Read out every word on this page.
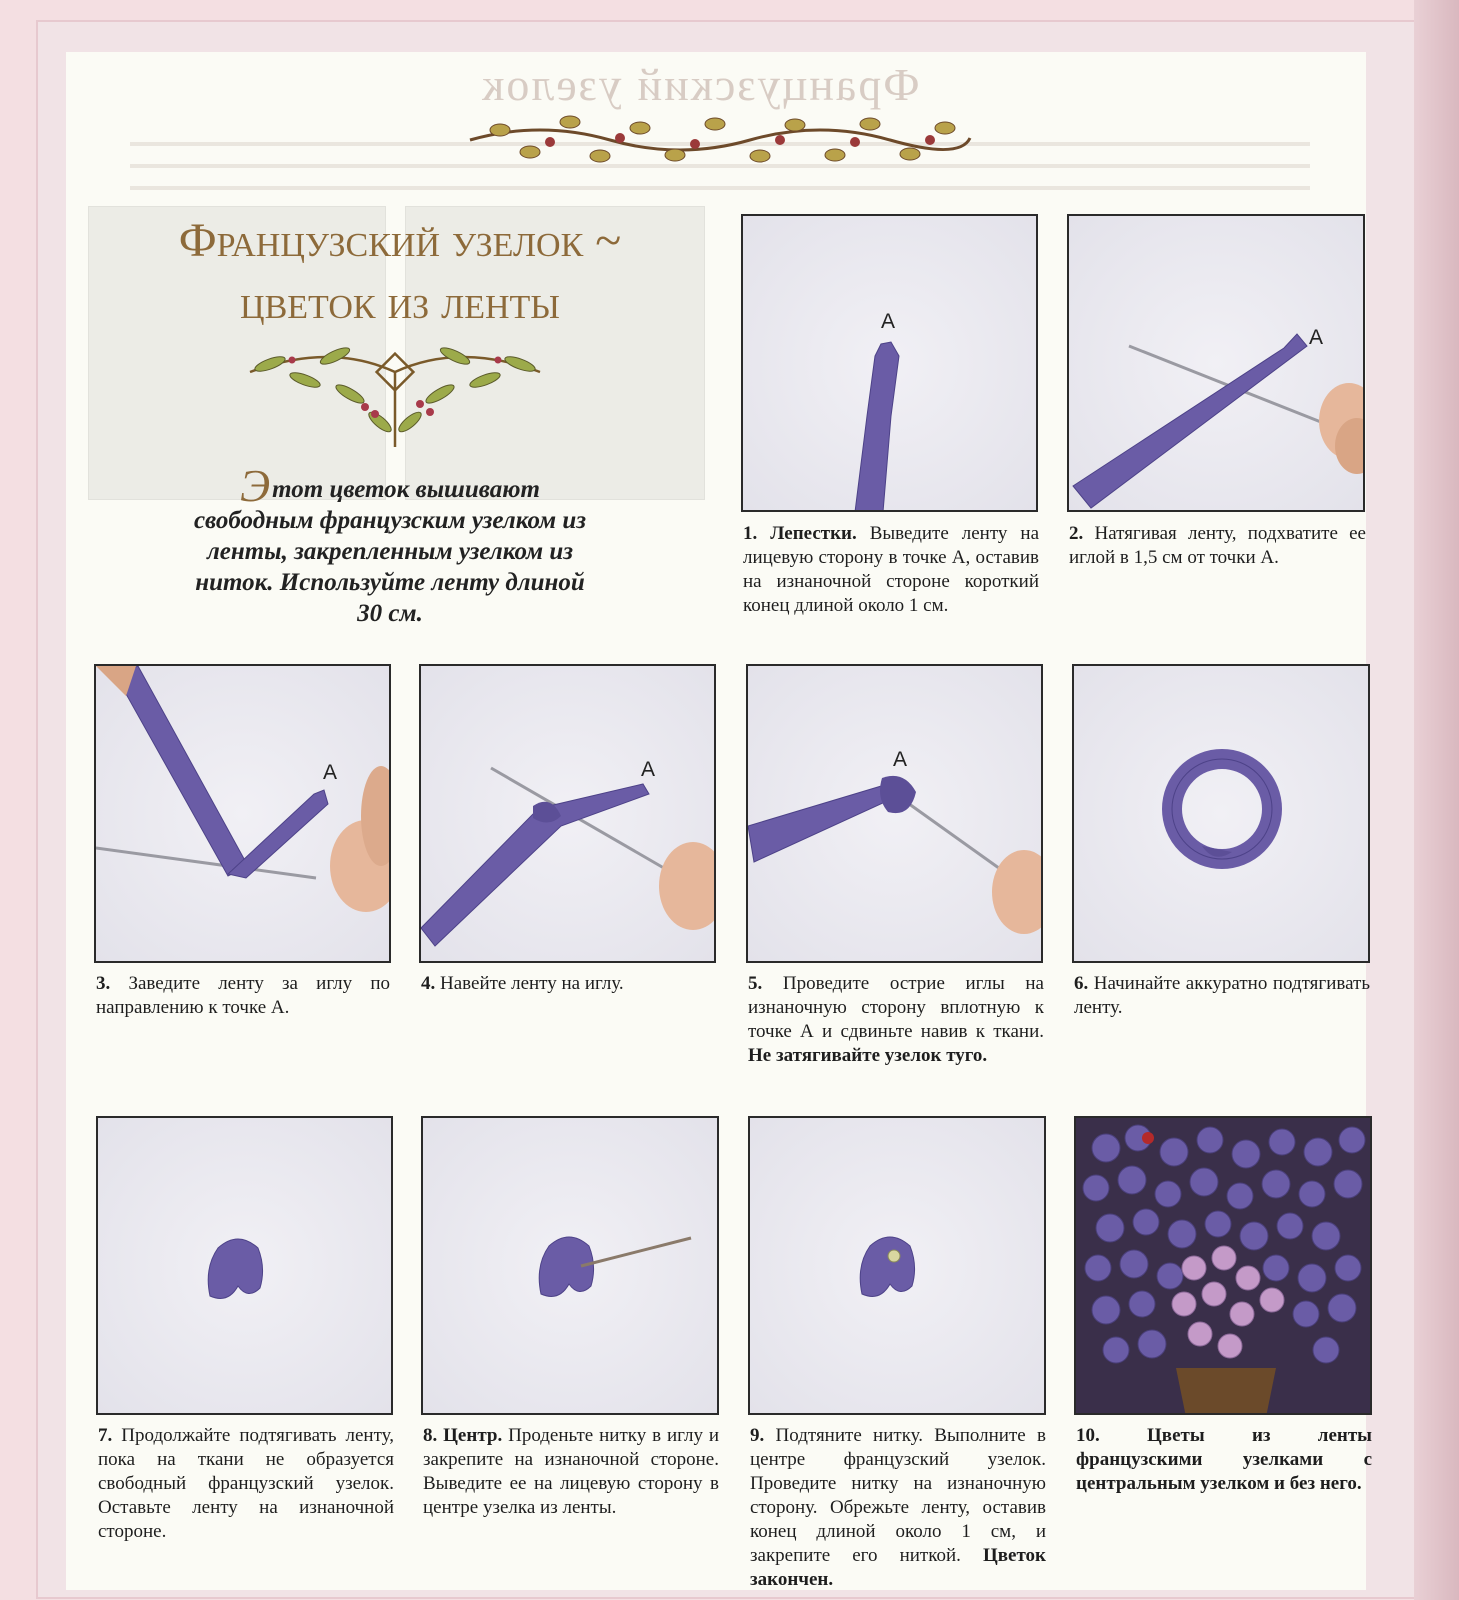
Французский узелок
Французский узелок ~
цветок из ленты
Этот цветок вышивают свободным французским узелком из ленты, закрепленным узелком из ниток. Используйте ленту длиной 30 см.
A
1. Лепестки. Выведите ленту на лицевую сторону в точке А, оставив на изнаночной стороне короткий конец длиной около 1 см.
A
2. Натягивая ленту, подхватите ее иглой в 1,5 см от точки А.
A
3. Заведите ленту за иглу по направлению к точке А.
A
4. Навейте ленту на иглу.
A
5. Проведите острие иглы на изнаночную сторону вплотную к точке А и сдвиньте навив к ткани. Не затягивайте узелок туго.
6. Начинайте аккуратно подтягивать ленту.
7. Продолжайте подтягивать ленту, пока на ткани не образуется свободный французский узелок. Оставьте ленту на изнаночной стороне.
8. Центр. Проденьте нитку в иглу и закрепите на изнаночной стороне. Выведите ее на лицевую сторону в центре узелка из ленты.
9. Подтяните нитку. Выполните в центре французский узелок. Проведите нитку на изнаночную сторону. Обрежьте ленту, оставив конец длиной около 1 см, и закрепите его ниткой. Цветок закончен.
10. Цветы из ленты французскими узелками с центральным узелком и без него.
